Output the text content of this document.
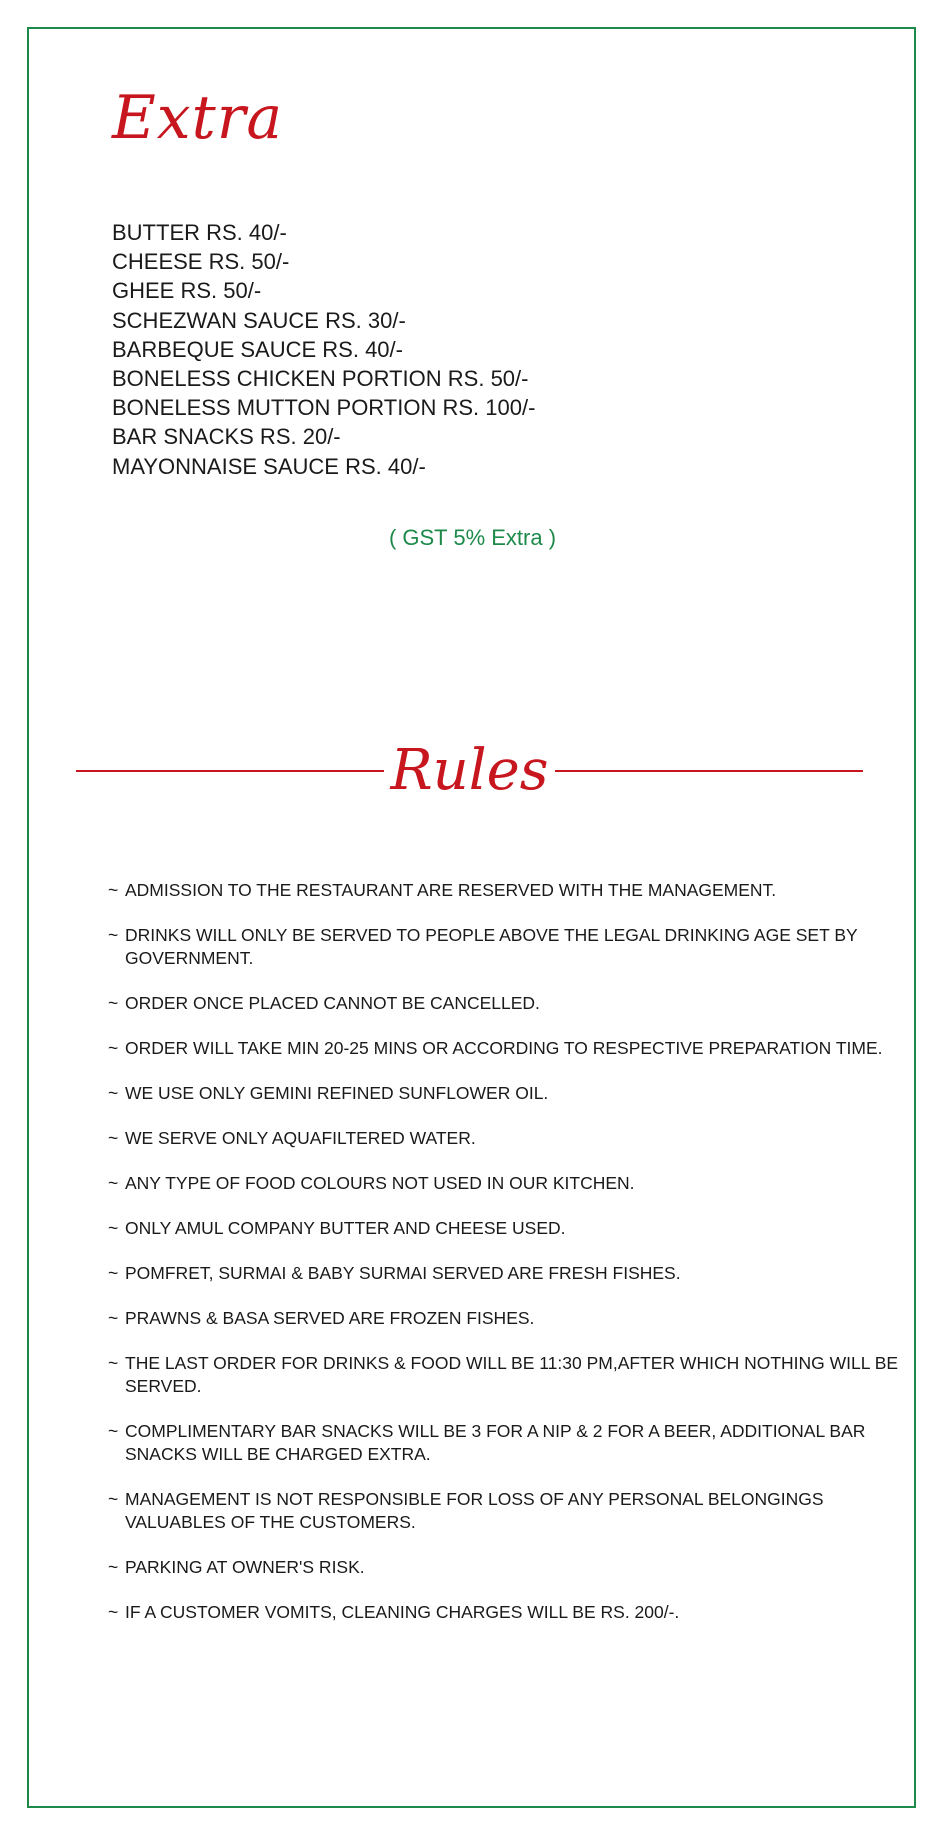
Extra
BUTTER RS. 40/-
CHEESE RS. 50/-
GHEE RS. 50/-
SCHEZWAN SAUCE RS. 30/-
BARBEQUE SAUCE RS. 40/-
BONELESS CHICKEN PORTION RS. 50/-
BONELESS MUTTON PORTION RS. 100/-
BAR SNACKS RS. 20/-
MAYONNAISE SAUCE RS. 40/-
( GST 5% Extra )
Rules
~ ADMISSION TO THE RESTAURANT ARE RESERVED WITH THE MANAGEMENT.
~ DRINKS WILL ONLY BE SERVED TO PEOPLE ABOVE THE LEGAL DRINKING AGE SET BY GOVERNMENT.
~ ORDER ONCE PLACED CANNOT BE CANCELLED.
~ ORDER WILL TAKE MIN 20-25 MINS OR ACCORDING TO RESPECTIVE PREPARATION TIME.
~ WE USE ONLY GEMINI REFINED SUNFLOWER OIL.
~ WE SERVE ONLY AQUAFILTERED WATER.
~ ANY TYPE OF FOOD COLOURS NOT USED IN OUR KITCHEN.
~ ONLY AMUL COMPANY BUTTER AND CHEESE USED.
~ POMFRET, SURMAI & BABY SURMAI SERVED ARE FRESH FISHES.
~ PRAWNS & BASA SERVED ARE FROZEN FISHES.
~ THE LAST ORDER FOR DRINKS & FOOD WILL BE 11:30 PM,AFTER WHICH NOTHING WILL BE SERVED.
~ COMPLIMENTARY BAR SNACKS WILL BE 3 FOR A NIP & 2 FOR A BEER, ADDITIONAL BAR SNACKS WILL BE CHARGED EXTRA.
~ MANAGEMENT IS NOT RESPONSIBLE FOR LOSS OF ANY PERSONAL BELONGINGS VALUABLES OF THE CUSTOMERS.
~ PARKING AT OWNER'S RISK.
~ IF A CUSTOMER VOMITS, CLEANING CHARGES WILL BE RS. 200/-.
